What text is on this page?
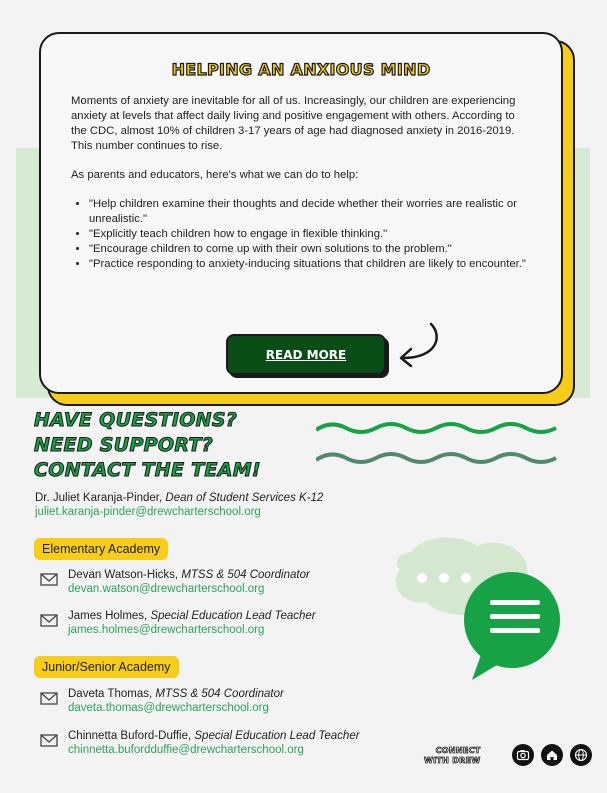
HELPING AN ANXIOUS MIND

Moments of anxiety are inevitable for all of us. Increasingly, our children are experiencing anxiety at levels that affect daily living and positive engagement with others. According to the CDC, almost 10% of children 3-17 years of age had diagnosed anxiety in 2016-2019. This number continues to rise.

As parents and educators, here's what we can do to help:

• "Help children examine their thoughts and decide whether their worries are realistic or unrealistic."
• "Explicitly teach children how to engage in flexible thinking."
• "Encourage children to come up with their own solutions to the problem."
• "Practice responding to anxiety-inducing situations that children are likely to encounter."
READ MORE
HAVE QUESTIONS?
NEED SUPPORT?
CONTACT THE TEAM!
Dr. Juliet Karanja-Pinder, Dean of Student Services K-12
juliet.karanja-pinder@drewcharterschool.org
Elementary Academy
Devan Watson-Hicks, MTSS & 504 Coordinator
devan.watson@drewcharterschool.org
James Holmes, Special Education Lead Teacher
james.holmes@drewcharterschool.org
Junior/Senior Academy
Daveta Thomas, MTSS & 504 Coordinator
daveta.thomas@drewcharterschool.org
Chinnetta Buford-Duffie, Special Education Lead Teacher
chinnetta.bufordduffie@drewcharterschool.org	CONNECT
WITH DREW
